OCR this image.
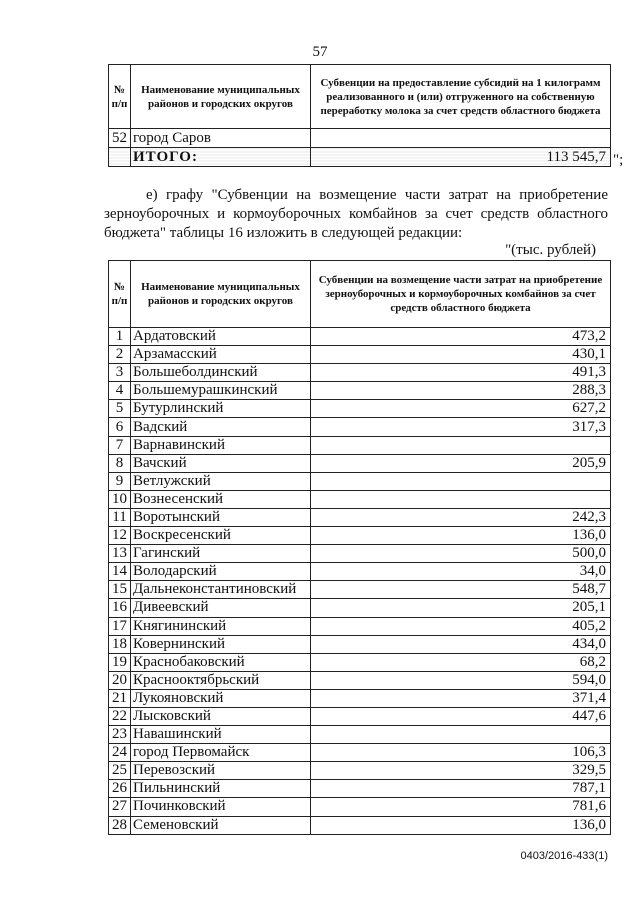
57
№ п/п	Наименование муниципальных районов и городских округов	Субвенции на предоставление субсидий на 1 килограмм реализованного и (или) отгруженного на собственную переработку молока за счет средств областного бюджета
52	город Саров	
	ИТОГО:	113 545,7 ";
е) графу "Субвенции на возмещение части затрат на приобретение зерноуборочных и кормоуборочных комбайнов за счет средств областного бюджета" таблицы 16 изложить в следующей редакции:
"(тыс. рублей)
№ п/п	Наименование муниципальных районов и городских округов	Субвенции на возмещение части затрат на приобретение зерноуборочных и кормоуборочных комбайнов за счет средств областного бюджета
1	Ардатовский	473,2
2	Арзамасский	430,1
3	Большеболдинский	491,3
4	Большемурашкинский	288,3
5	Бутурлинский	627,2
6	Вадский	317,3
7	Варнавинский	
8	Вачский	205,9
9	Ветлужский	
10	Вознесенский	
11	Воротынский	242,3
12	Воскресенский	136,0
13	Гагинский	500,0
14	Володарский	34,0
15	Дальнеконстантиновский	548,7
16	Дивеевский	205,1
17	Княгининский	405,2
18	Ковернинский	434,0
19	Краснобаковский	68,2
20	Краснооктябрьский	594,0
21	Лукояновский	371,4
22	Лысковский	447,6
23	Навашинский	
24	город Первомайск	106,3
25	Перевозский	329,5
26	Пильнинский	787,1
27	Починковский	781,6
28	Семеновский	136,0
0403/2016-433(1)
